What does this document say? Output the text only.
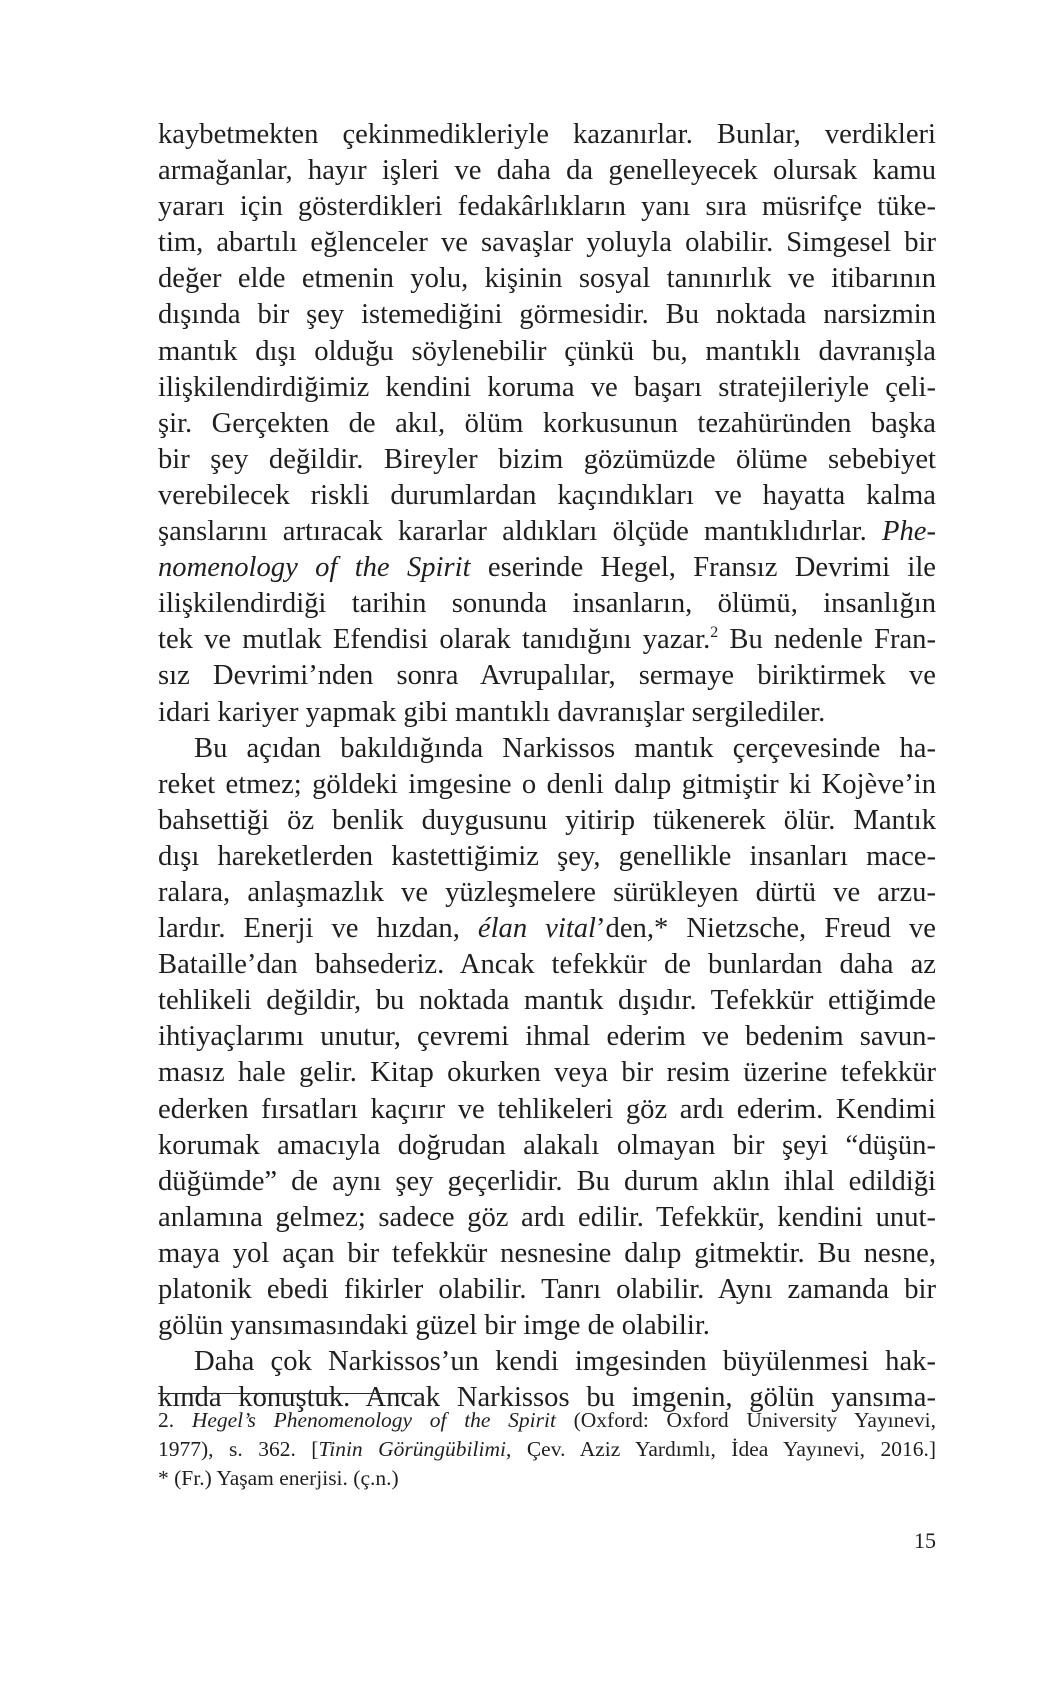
kaybetmekten çekinmedikleriyle kazanırlar. Bunlar, verdikleri
armağanlar, hayır işleri ve daha da genelleyecek olursak kamu
yararı için gösterdikleri fedakârlıkların yanı sıra müsrifçe tüke-
tim, abartılı eğlenceler ve savaşlar yoluyla olabilir. Simgesel bir
değer elde etmenin yolu, kişinin sosyal tanınırlık ve itibarının
dışında bir şey istemediğini görmesidir. Bu noktada narsizmin
mantık dışı olduğu söylenebilir çünkü bu, mantıklı davranışla
ilişkilendirdiğimiz kendini koruma ve başarı stratejileriyle çeli-
şir. Gerçekten de akıl, ölüm korkusunun tezahüründen başka
bir şey değildir. Bireyler bizim gözümüzde ölüme sebebiyet
verebilecek riskli durumlardan kaçındıkları ve hayatta kalma
şanslarını artıracak kararlar aldıkları ölçüde mantıklıdırlar. Phe-
nomenology of the Spirit eserinde Hegel, Fransız Devrimi ile
ilişkilendirdiği tarihin sonunda insanların, ölümü, insanlığın
tek ve mutlak Efendisi olarak tanıdığını yazar.$^2$ Bu nedenle Fran-
sız Devrimi’nden sonra Avrupalılar, sermaye biriktirmek ve
idari kariyer yapmak gibi mantıklı davranışlar sergilediler.
Bu açıdan bakıldığında Narkissos mantık çerçevesinde ha-
reket etmez; göldeki imgesine o denli dalıp gitmiştir ki Kojève’in
bahsettiği öz benlik duygusunu yitirip tükenerek ölür. Mantık
dışı hareketlerden kastettiğimiz şey, genellikle insanları mace-
ralara, anlaşmazlık ve yüzleşmelere sürükleyen dürtü ve arzu-
lardır. Enerji ve hızdan, élan vital’den,* Nietzsche, Freud ve
Bataille’dan bahsederiz. Ancak tefekkür de bunlardan daha az
tehlikeli değildir, bu noktada mantık dışıdır. Tefekkür ettiğimde
ihtiyaçlarımı unutur, çevremi ihmal ederim ve bedenim savun-
masız hale gelir. Kitap okurken veya bir resim üzerine tefekkür
ederken fırsatları kaçırır ve tehlikeleri göz ardı ederim. Kendimi
korumak amacıyla doğrudan alakalı olmayan bir şeyi “düşün-
düğümde” de aynı şey geçerlidir. Bu durum aklın ihlal edildiği
anlamına gelmez; sadece göz ardı edilir. Tefekkür, kendini unut-
maya yol açan bir tefekkür nesnesine dalıp gitmektir. Bu nesne,
platonik ebedi fikirler olabilir. Tanrı olabilir. Aynı zamanda bir
gölün yansımasındaki güzel bir imge de olabilir.
Daha çok Narkissos’un kendi imgesinden büyülenmesi hak-
kında konuştuk. Ancak Narkissos bu imgenin, gölün yansıma-
2. Hegel’s Phenomenology of the Spirit (Oxford: Oxford University Yayınevi,
1977), s. 362. [Tinin Görüngübilimi, Çev. Aziz Yardımlı, İdea Yayınevi, 2016.]
* (Fr.) Yaşam enerjisi. (ç.n.)
15
